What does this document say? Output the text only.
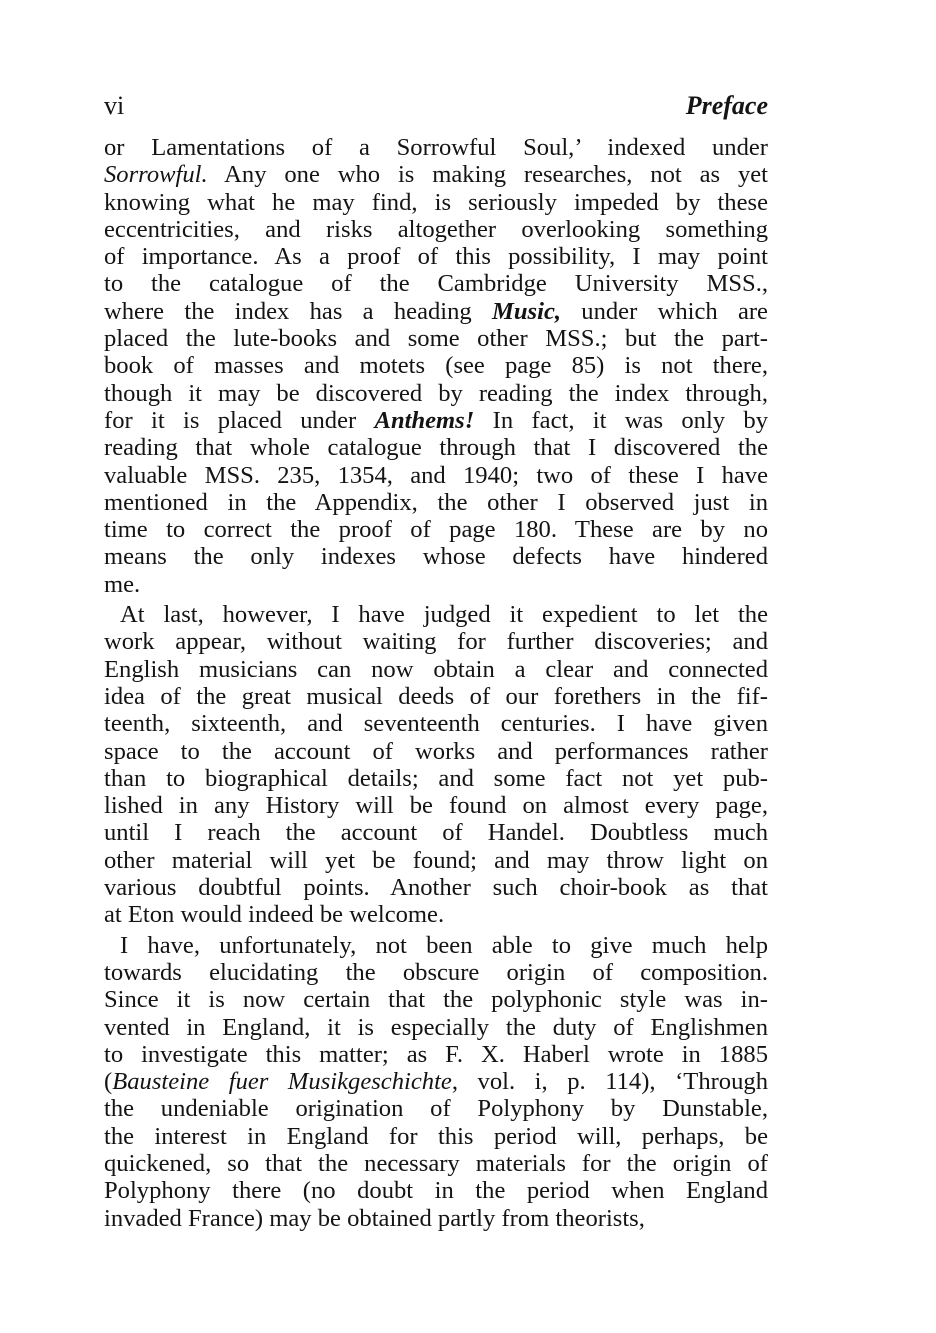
vi	Preface
or Lamentations of a Sorrowful Soul,’ indexed under
Sorrowful. Any one who is making researches, not as yet
knowing what he may find, is seriously impeded by these
eccentricities, and risks altogether overlooking something
of importance. As a proof of this possibility, I may point
to the catalogue of the Cambridge University MSS.,
where the index has a heading Music, under which are
placed the lute-books and some other MSS.; but the part-
book of masses and motets (see page 85) is not there,
though it may be discovered by reading the index through,
for it is placed under Anthems! In fact, it was only by
reading that whole catalogue through that I discovered the
valuable MSS. 235, 1354, and 1940; two of these I have
mentioned in the Appendix, the other I observed just in
time to correct the proof of page 180. These are by no
means the only indexes whose defects have hindered
me.
At last, however, I have judged it expedient to let the
work appear, without waiting for further discoveries; and
English musicians can now obtain a clear and connected
idea of the great musical deeds of our forethers in the fif-
teenth, sixteenth, and seventeenth centuries. I have given
space to the account of works and performances rather
than to biographical details; and some fact not yet pub-
lished in any History will be found on almost every page,
until I reach the account of Handel. Doubtless much
other material will yet be found; and may throw light on
various doubtful points. Another such choir-book as that
at Eton would indeed be welcome.
I have, unfortunately, not been able to give much help
towards elucidating the obscure origin of composition.
Since it is now certain that the polyphonic style was in-
vented in England, it is especially the duty of Englishmen
to investigate this matter; as F. X. Haberl wrote in 1885
(Bausteine fuer Musikgeschichte, vol. i, p. 114), ‘Through
the undeniable origination of Polyphony by Dunstable,
the interest in England for this period will, perhaps, be
quickened, so that the necessary materials for the origin of
Polyphony there (no doubt in the period when England
invaded France) may be obtained partly from theorists,
